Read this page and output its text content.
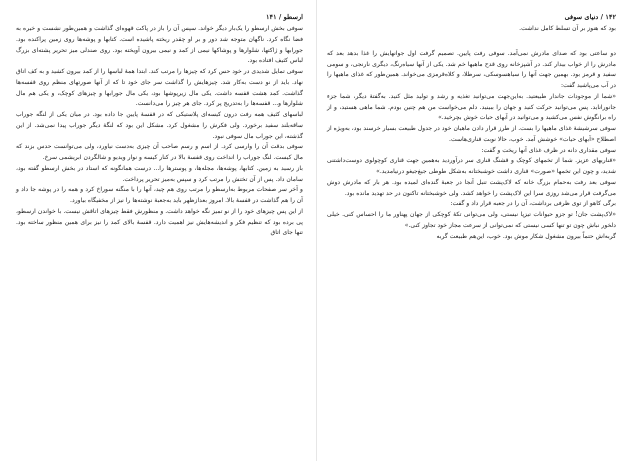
ارسطو / ۱۴۱

سوفی بخش ارسطو را یک‌بار دیگر خواند. سپس آن را باز در پاکت قهوه‌ای گذاشت و همین‌طور نشست و خیره به فضا نگاه کرد. ناگهان متوجه شد دور و بر او چقدر ریخته پاشیده است. کتابها و پوشه‌ها روی زمین پراکنده بود. جورابها و ژاکتها، شلوارها و پوشاکها نیمی از کمد و نیمی بیرون آویخته بود. روی صندلی میز تحریر پشته‌ای بزرگ لباس کثیف افتاده بود.

سوفی تمایل شدیدی در خود حس کرد که چیزها را مرتب کند. ابتدا همهٔ لباسها را از کمد بیرون کشید و به کف اتاق نهاد. باید از نو دست به‌کار شد. چیزهایش را گذاشت سر جای خود تا که از آنها صورتهای منظم روی قفسه‌ها گذاشت. کمد هشت قفسه داشت. یکی مال زیرپوشها بود، یکی مال جورابها و چیزهای کوچک، و یکی هم مال شلوارها و... قفسه‌ها را به‌تدریج پر کرد. جای هر چیز را می‌دانست.

لباسهای کثیف همه رفت درون کیسه‌ای پلاستیکی که در قفسهٔ پایین جا داده بود. در میان یکی از لنگه جوراب ساقه‌بلند سفید برخورد. ولی فکرش را مشغول کرد. مشکل این بود که لنگهٔ دیگر جوراب پیدا نمی‌شد. از این گذشته، این جوراب مال سوفی نبود.

سوفی بدقت آن را وارسی کرد. از اسم و رسم صاحب آن چیزی به‌دست نیاورد، ولی می‌توانست حدس بزند که مال کیست. لنگ جوراب را انداخت روی قفسهٔ بالا در کنار کیسه و نوار ویدیو و شالگردن ابریشمی سرخ.

باز رسید به زمین. کتابها، پوشه‌ها، مجله‌ها، و پوسترها را... درست همانگونه که استاد در بخش ارسطو گفته بود، سامان داد. پس از آن تختش را مرتب کرد و سپس به‌میز تحریر پرداخت.

و آخر سر صفحات مربوط به‌ارسطو را مرتب روی هم چید، آنها را با منگنه سوراخ کرد و همه را در پوشه جا داد و آن را هم گذاشت در قفسهٔ بالا. امروز بعدازظهر باید به‌جعبهٔ نوشته‌ها را نیز از مخفیگاه بیاورد.

از این پس چیزهای خود را از نو تمیز نگه خواهد داشت. و منظورش فقط چیزهای اتاقش نیست. با خواندن ارسطو، پی برده بود که تنظیم فکر و اندیشه‌هایش نیز اهمیت دارد. قفسهٔ بالای کمد را نیز برای همین منظور ساخته بود. تنها جای اتاق

۱۴۲ / دنیای سوفی

بود که هنوز بر آن تسلط کامل نداشت.

دو ساعتی بود که صدای مادرش نمی‌آمد. سوفی رفت پایین. تصمیم گرفت اول جوانهایش را غذا بدهد بعد که مادرش را از خواب بیدار کند. در آشپزخانه روی قدح ماهیها خم شد. یکی از آنها سیاه‌رنگ، دیگری نارنجی، و سومی سفید و قرمز بود. بهمین جهت آنها را سیاهسوسکی، سرطلا، و کلاه‌قرمزی می‌خواند. همین‌طور که غذای ماهیها را در آب می‌پاشید گفت:

«شما از موجودات جاندار طبیعتید. به‌این‌جهت می‌توانید تغذیه و رشد و تولید مثل کنید. به‌گفتهٔ دیگر، شما جزء جانوراناید. پس می‌توانید حرکت کنید و جهان را ببینید. دلم می‌خواست من هم چنین بودم. شما ماهی هستید، و از راه برانگوش نفس می‌کشید و می‌توانید در آبهای حیات خوش بچرخید.»

سوفی سرشیشهٔ غذای ماهیها را بست. از طرز قرار دادن ماهیان خود در جدول طبیعت بسیار خرسند بود، به‌ویژه از اصطلاح «آبهای حیات» خوشش آمد. خوب، حالا نوبت قناری‌هاست.

سوفی مقداری دانه در ظرف غذای آنها ریخت و گفت:

«قناریهای عزیز. شما از تخمهای کوچک و قشنگ قناری سر درآوردید به‌همین جهت قناری کوچولوی دوست‌داشتنی شدید، و چون این تخمها «صورت» قناری داشت خوشبختانه به‌شکل طوطی جیغ‌جیغو درنیامدید.»

سوفی بعد رفت به‌حمام بزرگ خانه که لاک‌پشت تنبل آنجا در جعبهٔ گنده‌ای لمیده بود. هر بار که مادرش دوش می‌گرفت قرار می‌شد روزی سرا این لاک‌پشت را خواهد کشد. ولی خوشبختانه تاکنون در حد تهدید مانده بود.

برگی کاهو از توی ظرفی برداشت، آن را در جعبه قرار داد و گفت:

«لاک‌پشت جان! تو جزو حیوانات تیزپا نیستی، ولی می‌توانی تکهٔ کوچکی از جهان پهناور ما را احساس کنی. خیلی دلخور نباش چون تو تنها کسی نیستی که نمی‌توانی از سرعت مجاز خود تجاوز کنی.»

گربه‌اش حتماً بیرون مشغول شکار موش بود. خوب، این‌هم طبیعت گربه
